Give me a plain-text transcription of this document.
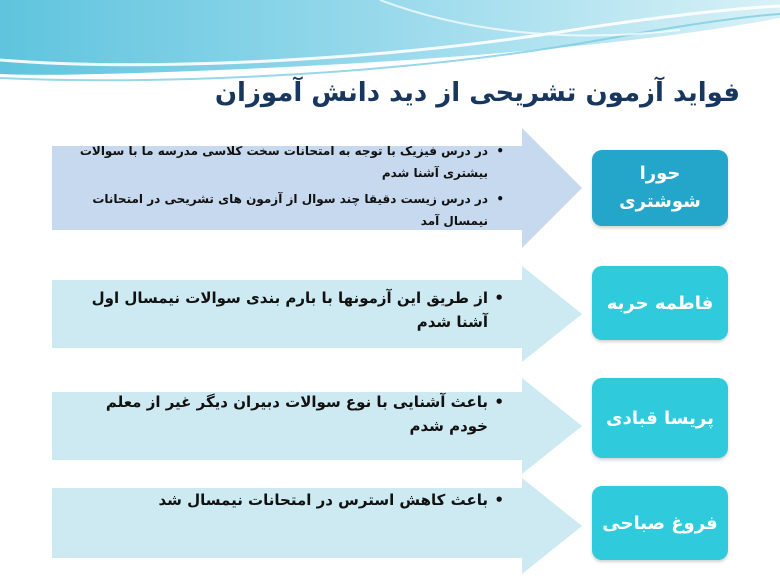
فواید آزمون تشریحی از دید دانش آموزان
•
در درس فیزیک با توجه به امتحانات سخت کلاسی مدرسه ما با سوالات بیشتری آشنا شدم
•
در درس زیست دقیقا چند سوال از آزمون های تشریحی در امتحانات نیمسال آمد
حورا
شوشتری
•
از طریق این آزمونها با بارم بندی سوالات نیمسال اول آشنا شدم
فاطمه حربه
•
باعث آشنایی با نوع سوالات دبیران دیگر غیر از معلم خودم شدم	پریسا قبادی
•
باعث کاهش استرس در امتحانات نیمسال شد
فروغ صباحی
